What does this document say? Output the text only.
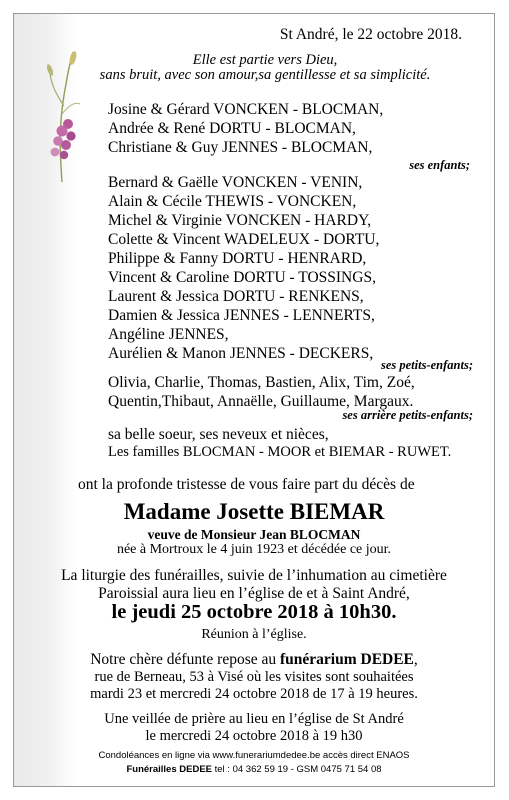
St André, le 22 octobre 2018.
Elle est partie vers Dieu,
sans bruit, avec son amour,sa gentillesse et sa simplicité.
Josine & Gérard VONCKEN - BLOCMAN,
Andrée & René DORTU - BLOCMAN,
Christiane & Guy JENNES - BLOCMAN,
ses enfants;
Bernard & Gaëlle VONCKEN - VENIN,
Alain & Cécile THEWIS - VONCKEN,
Michel & Virginie VONCKEN - HARDY,
Colette & Vincent WADELEUX - DORTU,
Philippe & Fanny DORTU - HENRARD,
Vincent & Caroline DORTU - TOSSINGS,
Laurent & Jessica DORTU - RENKENS,
Damien & Jessica JENNES - LENNERTS,
Angéline JENNES,
Aurélien & Manon JENNES - DECKERS,
ses petits-enfants;
Olivia, Charlie, Thomas, Bastien, Alix, Tim, Zoé,
Quentin,Thibaut, Annaëlle, Guillaume, Margaux.
ses arrière petits-enfants;
sa belle soeur, ses neveux et nièces,
Les familles BLOCMAN - MOOR et BIEMAR - RUWET.
ont la profonde tristesse de vous faire part du décès de
Madame Josette BIEMAR
veuve de Monsieur Jean BLOCMAN
née à Mortroux le 4 juin 1923 et décédée ce jour.
La liturgie des funérailles, suivie de l’inhumation au cimetière
Paroissial aura lieu en l’église de et à Saint André,
le jeudi 25 octobre 2018 à 10h30.
Réunion à l’église.
Notre chère défunte repose au funérarium DEDEE,
rue de Berneau, 53 à Visé où les visites sont souhaitées
mardi 23 et mercredi 24 octobre 2018 de 17 à 19 heures.
Une veillée de prière au lieu en l’église de St André
le mercredi 24 octobre 2018 à 19 h30
Condoléances en ligne via www.funerariumdedee.be accès direct ENAOS
Funérailles DEDEE tel : 04 362 59 19 - GSM 0475 71 54 08
